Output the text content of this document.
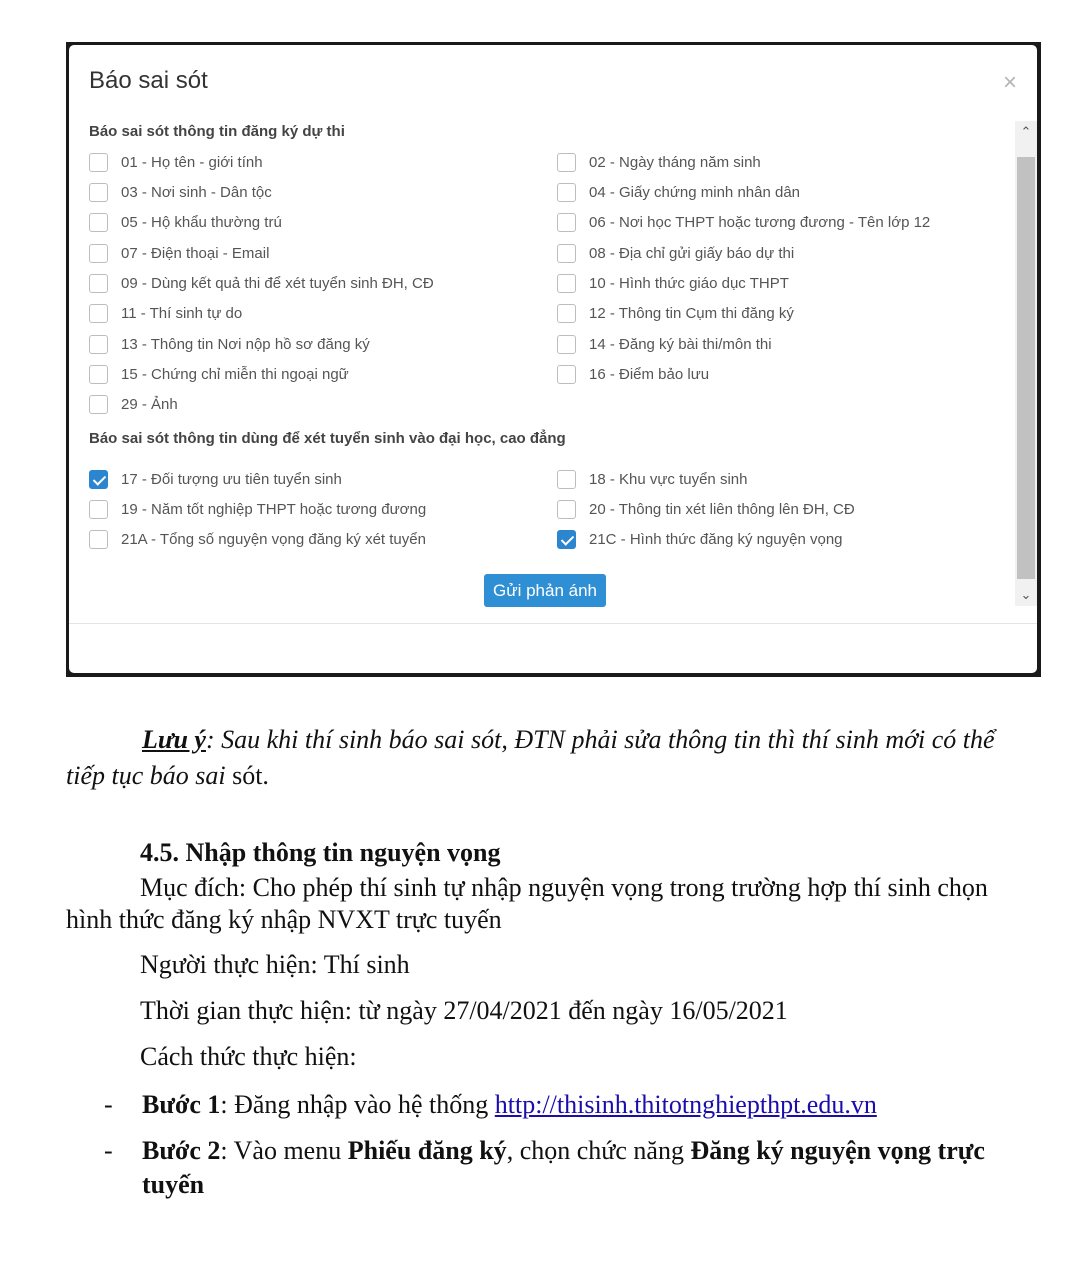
Báo sai sót	×
Báo sai sót thông tin đăng ký dự thi
01 - Họ tên - giới tính	02 - Ngày tháng năm sinh
03 - Nơi sinh - Dân tộc	04 - Giấy chứng minh nhân dân
05 - Hộ khẩu thường trú	06 - Nơi học THPT hoặc tương đương - Tên lớp 12
07 - Điện thoại - Email	08 - Địa chỉ gửi giấy báo dự thi
09 - Dùng kết quả thi để xét tuyển sinh ĐH, CĐ	10 - Hình thức giáo dục THPT
11 - Thí sinh tự do	12 - Thông tin Cụm thi đăng ký
13 - Thông tin Nơi nộp hồ sơ đăng ký	14 - Đăng ký bài thi/môn thi
15 - Chứng chỉ miễn thi ngoại ngữ	16 - Điểm bảo lưu
29 - Ảnh
Báo sai sót thông tin dùng để xét tuyển sinh vào đại học, cao đẳng
17 - Đối tượng ưu tiên tuyển sinh	18 - Khu vực tuyển sinh
19 - Năm tốt nghiệp THPT hoặc tương đương	20 - Thông tin xét liên thông lên ĐH, CĐ
21A - Tổng số nguyện vọng đăng ký xét tuyển	21C - Hình thức đăng ký nguyện vọng
Gửi phản ánh
⌃
⌄
Lưu ý: Sau khi thí sinh báo sai sót, ĐTN phải sửa thông tin thì thí sinh mới có thể tiếp tục báo sai sót.
4.5. Nhập thông tin nguyện vọng
Mục đích: Cho phép thí sinh tự nhập nguyện vọng trong trường hợp thí sinh chọn hình thức đăng ký nhập NVXT trực tuyến
Người thực hiện: Thí sinh
Thời gian thực hiện: từ ngày 27/04/2021 đến ngày 16/05/2021
Cách thức thực hiện:
- Bước 1: Đăng nhập vào hệ thống http://thisinh.thitotnghiepthpt.edu.vn
- Bước 2: Vào menu Phiếu đăng ký, chọn chức năng Đăng ký nguyện vọng trực tuyến
